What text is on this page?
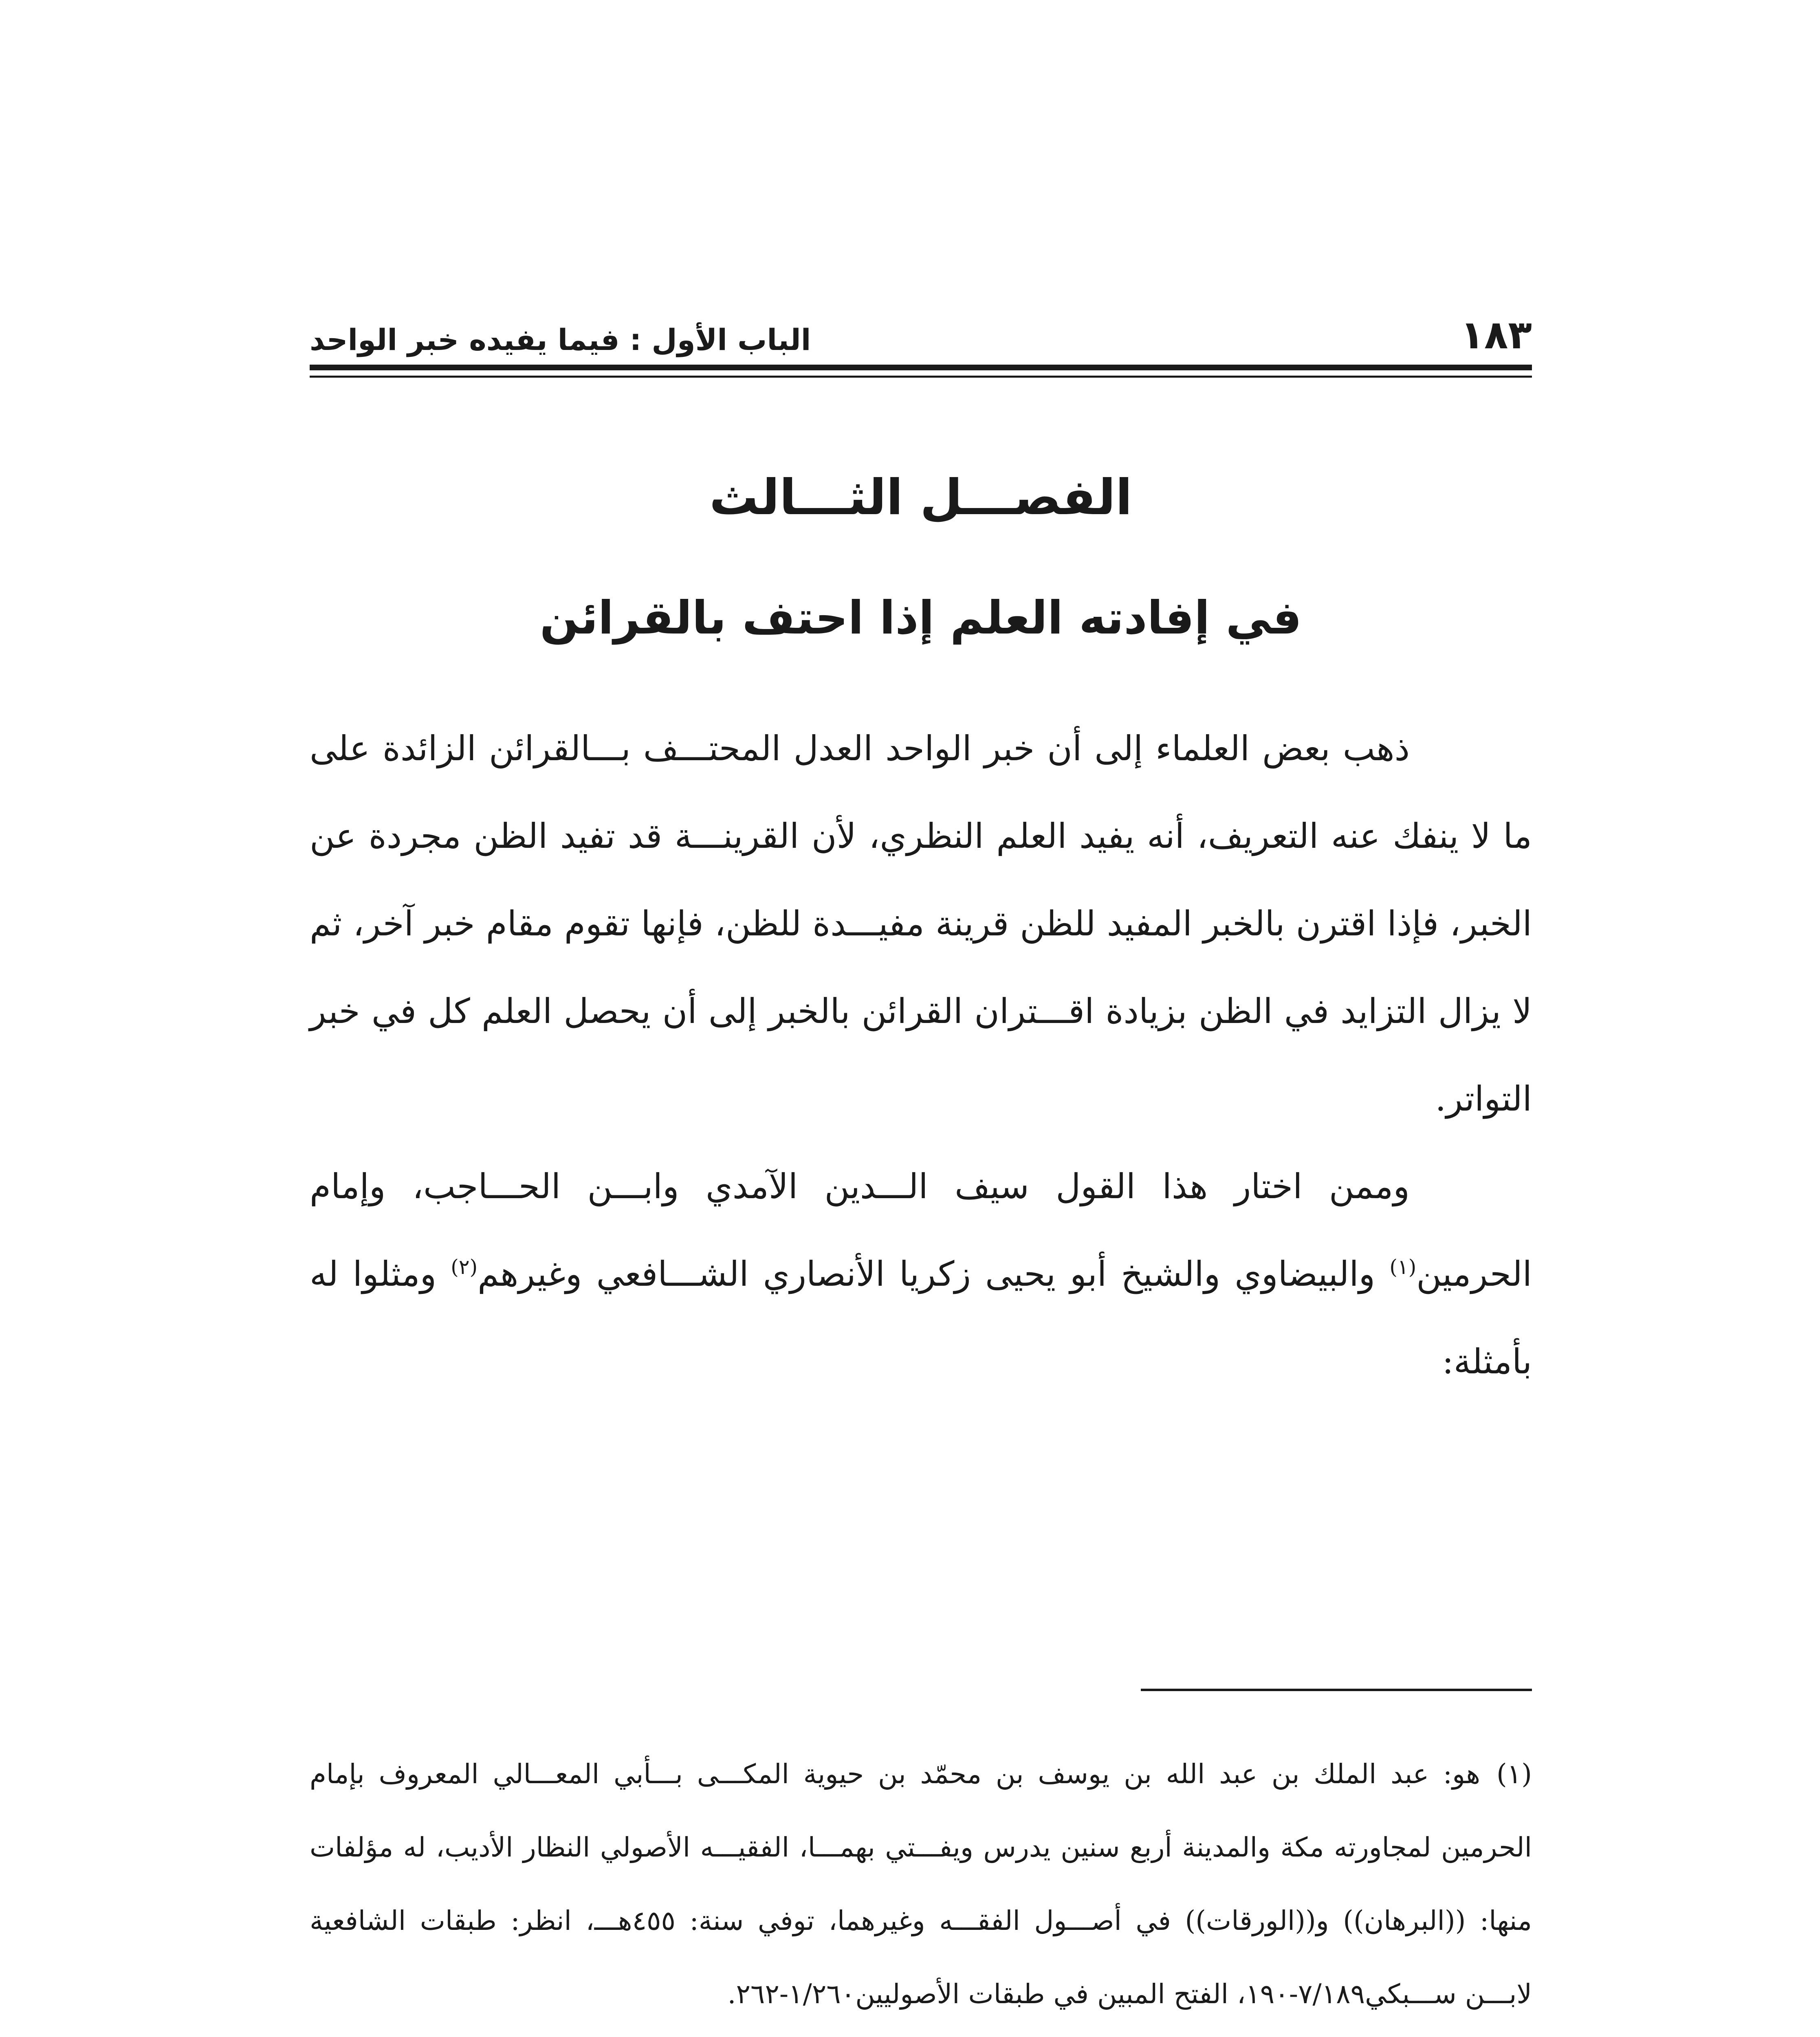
١٨٣
الباب الأول : فيما يفيده خبر الواحد
الفصـــل الثـــالث
في إفادته العلم إذا احتف بالقرائن

ذهب بعض العلماء إلى أن خبر الواحد العدل المحتـــف بـــالقرائن الزائدة على ما لا ينفك عنه التعريف، أنه يفيد العلم النظري، لأن القرينـــة قد تفيد الظن مجردة عن الخبر، فإذا اقترن بالخبر المفيد للظن قرينة مفيـــدة للظن، فإنها تقوم مقام خبر آخر، ثم لا يزال التزايد في الظن بزيادة اقـــتران القرائن بالخبر إلى أن يحصل العلم كل في خبر التواتر.

وممن اختار هذا القول سيف الـــدين الآمدي وابـــن الحـــاجب، وإمام الحرمين$^{(١)}$ والبيضاوي والشيخ أبو يحيى زكريا الأنصاري الشـــافعي وغيرهم$^{(٢)}$ ومثلوا له بأمثلة:

(١)هو: عبد الملك بن عبد الله بن يوسف بن محمّد بن حيوية المكـــى بـــأبي المعـــالي المعروف بإمام الحرمين لمجاورته مكة والمدينة أربع سنين يدرس ويفـــتي بهمـــا، الفقيـــه الأصولي النظار الأديب، له مؤلفات منها: ((البرهان)) و((الورقات)) في أصـــول الفقـــه وغيرهما، توفي سنة: ٤٥٥هـــ، انظر: طبقات الشافعية لابـــن ســـبكي٧/١٨٩-١٩٠، الفتح المبين في طبقات الأصوليين١/٢٦٠-٢٦٢.
